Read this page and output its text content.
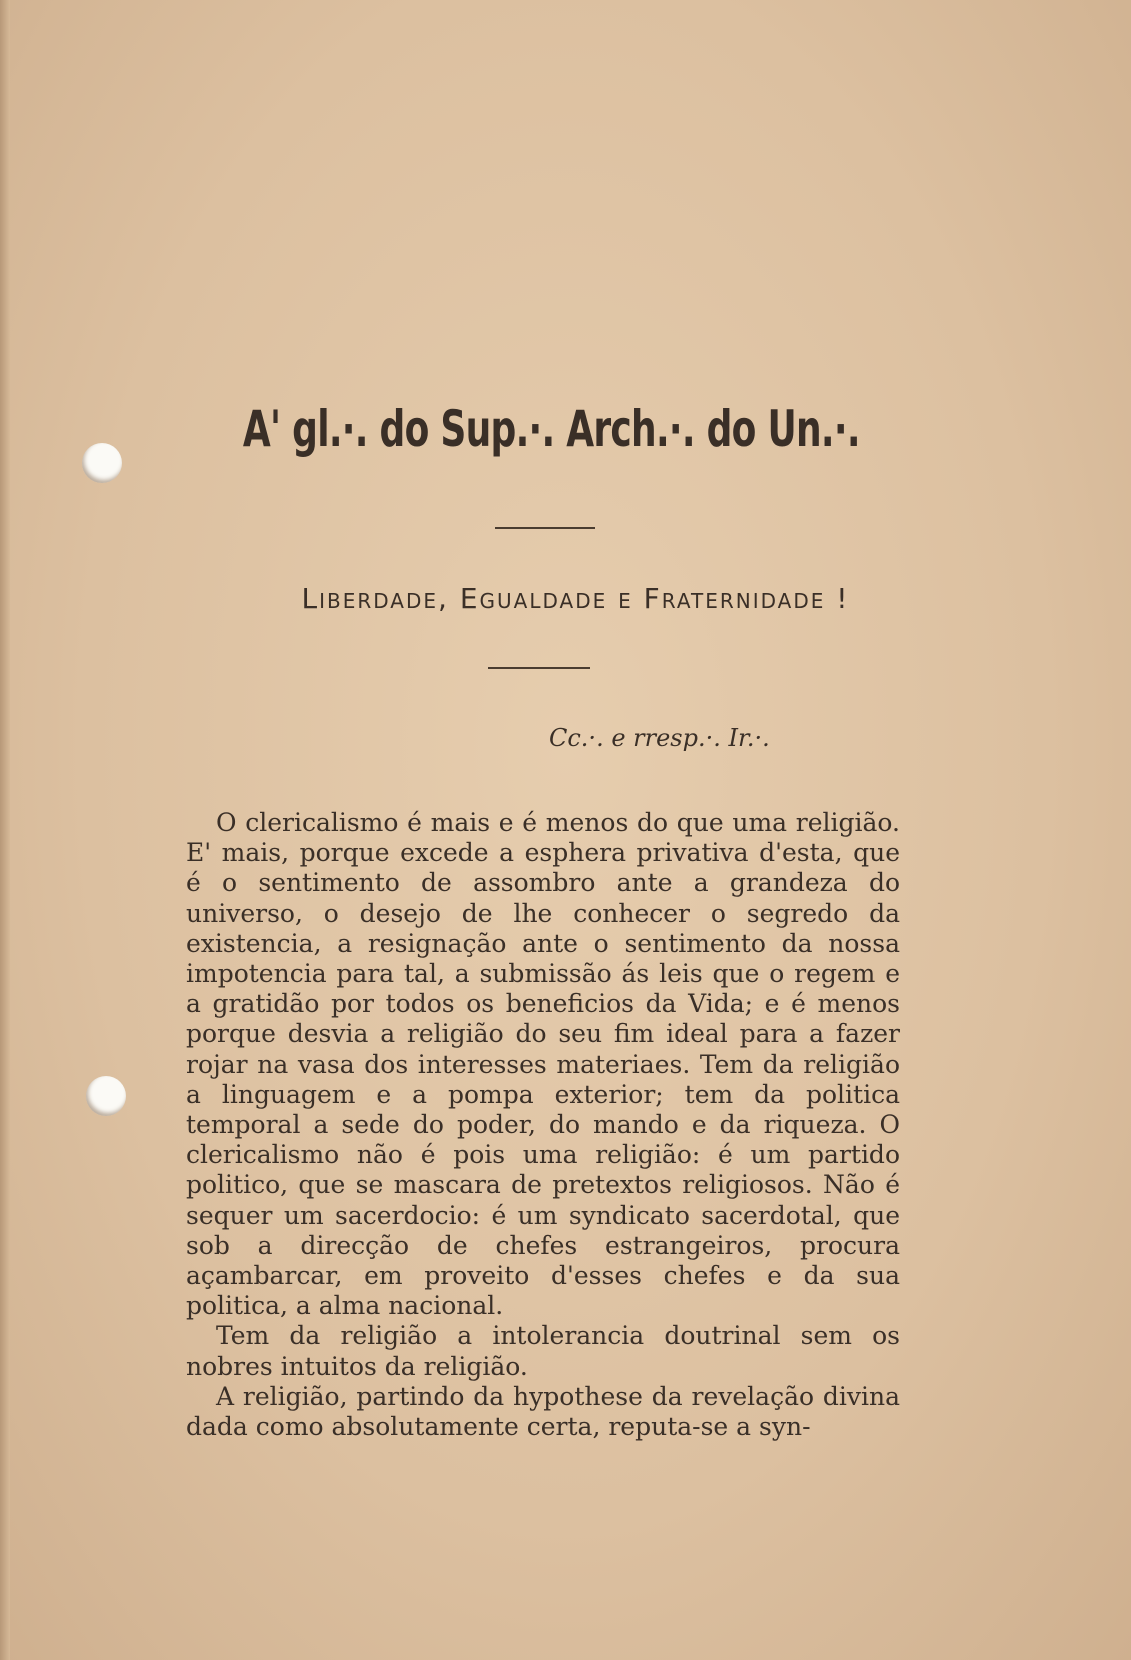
A' gl.·. do Sup.·. Arch.·. do Un.·.
Liberdade, Egualdade e Fraternidade !
Cc.·. e rresp.·. Ir.·.

O clericalismo é mais e é menos do que uma religião. E' mais, porque excede a esphera privativa d'esta, que é o sentimento de assombro ante a grandeza do universo, o desejo de lhe conhecer o segredo da existencia, a resignação ante o sentimento da nossa impotencia para tal, a submissão ás leis que o regem e a gratidão por todos os beneficios da Vida; e é menos porque desvia a religião do seu fim ideal para a fazer rojar na vasa dos interesses materiaes. Tem da religião a linguagem e a pompa exterior; tem da politica temporal a sede do poder, do mando e da riqueza. O clericalismo não é pois uma religião: é um partido politico, que se mascara de pretextos religiosos. Não é sequer um sacerdocio: é um syndicato sacerdotal, que sob a direcção de chefes estrangeiros, procura açambarcar, em proveito d'esses chefes e da sua politica, a alma nacional.

Tem da religião a intolerancia doutrinal sem os nobres intuitos da religião.

A religião, partindo da hypothese da revelação divina dada como absolutamente certa, reputa-se a syn-
